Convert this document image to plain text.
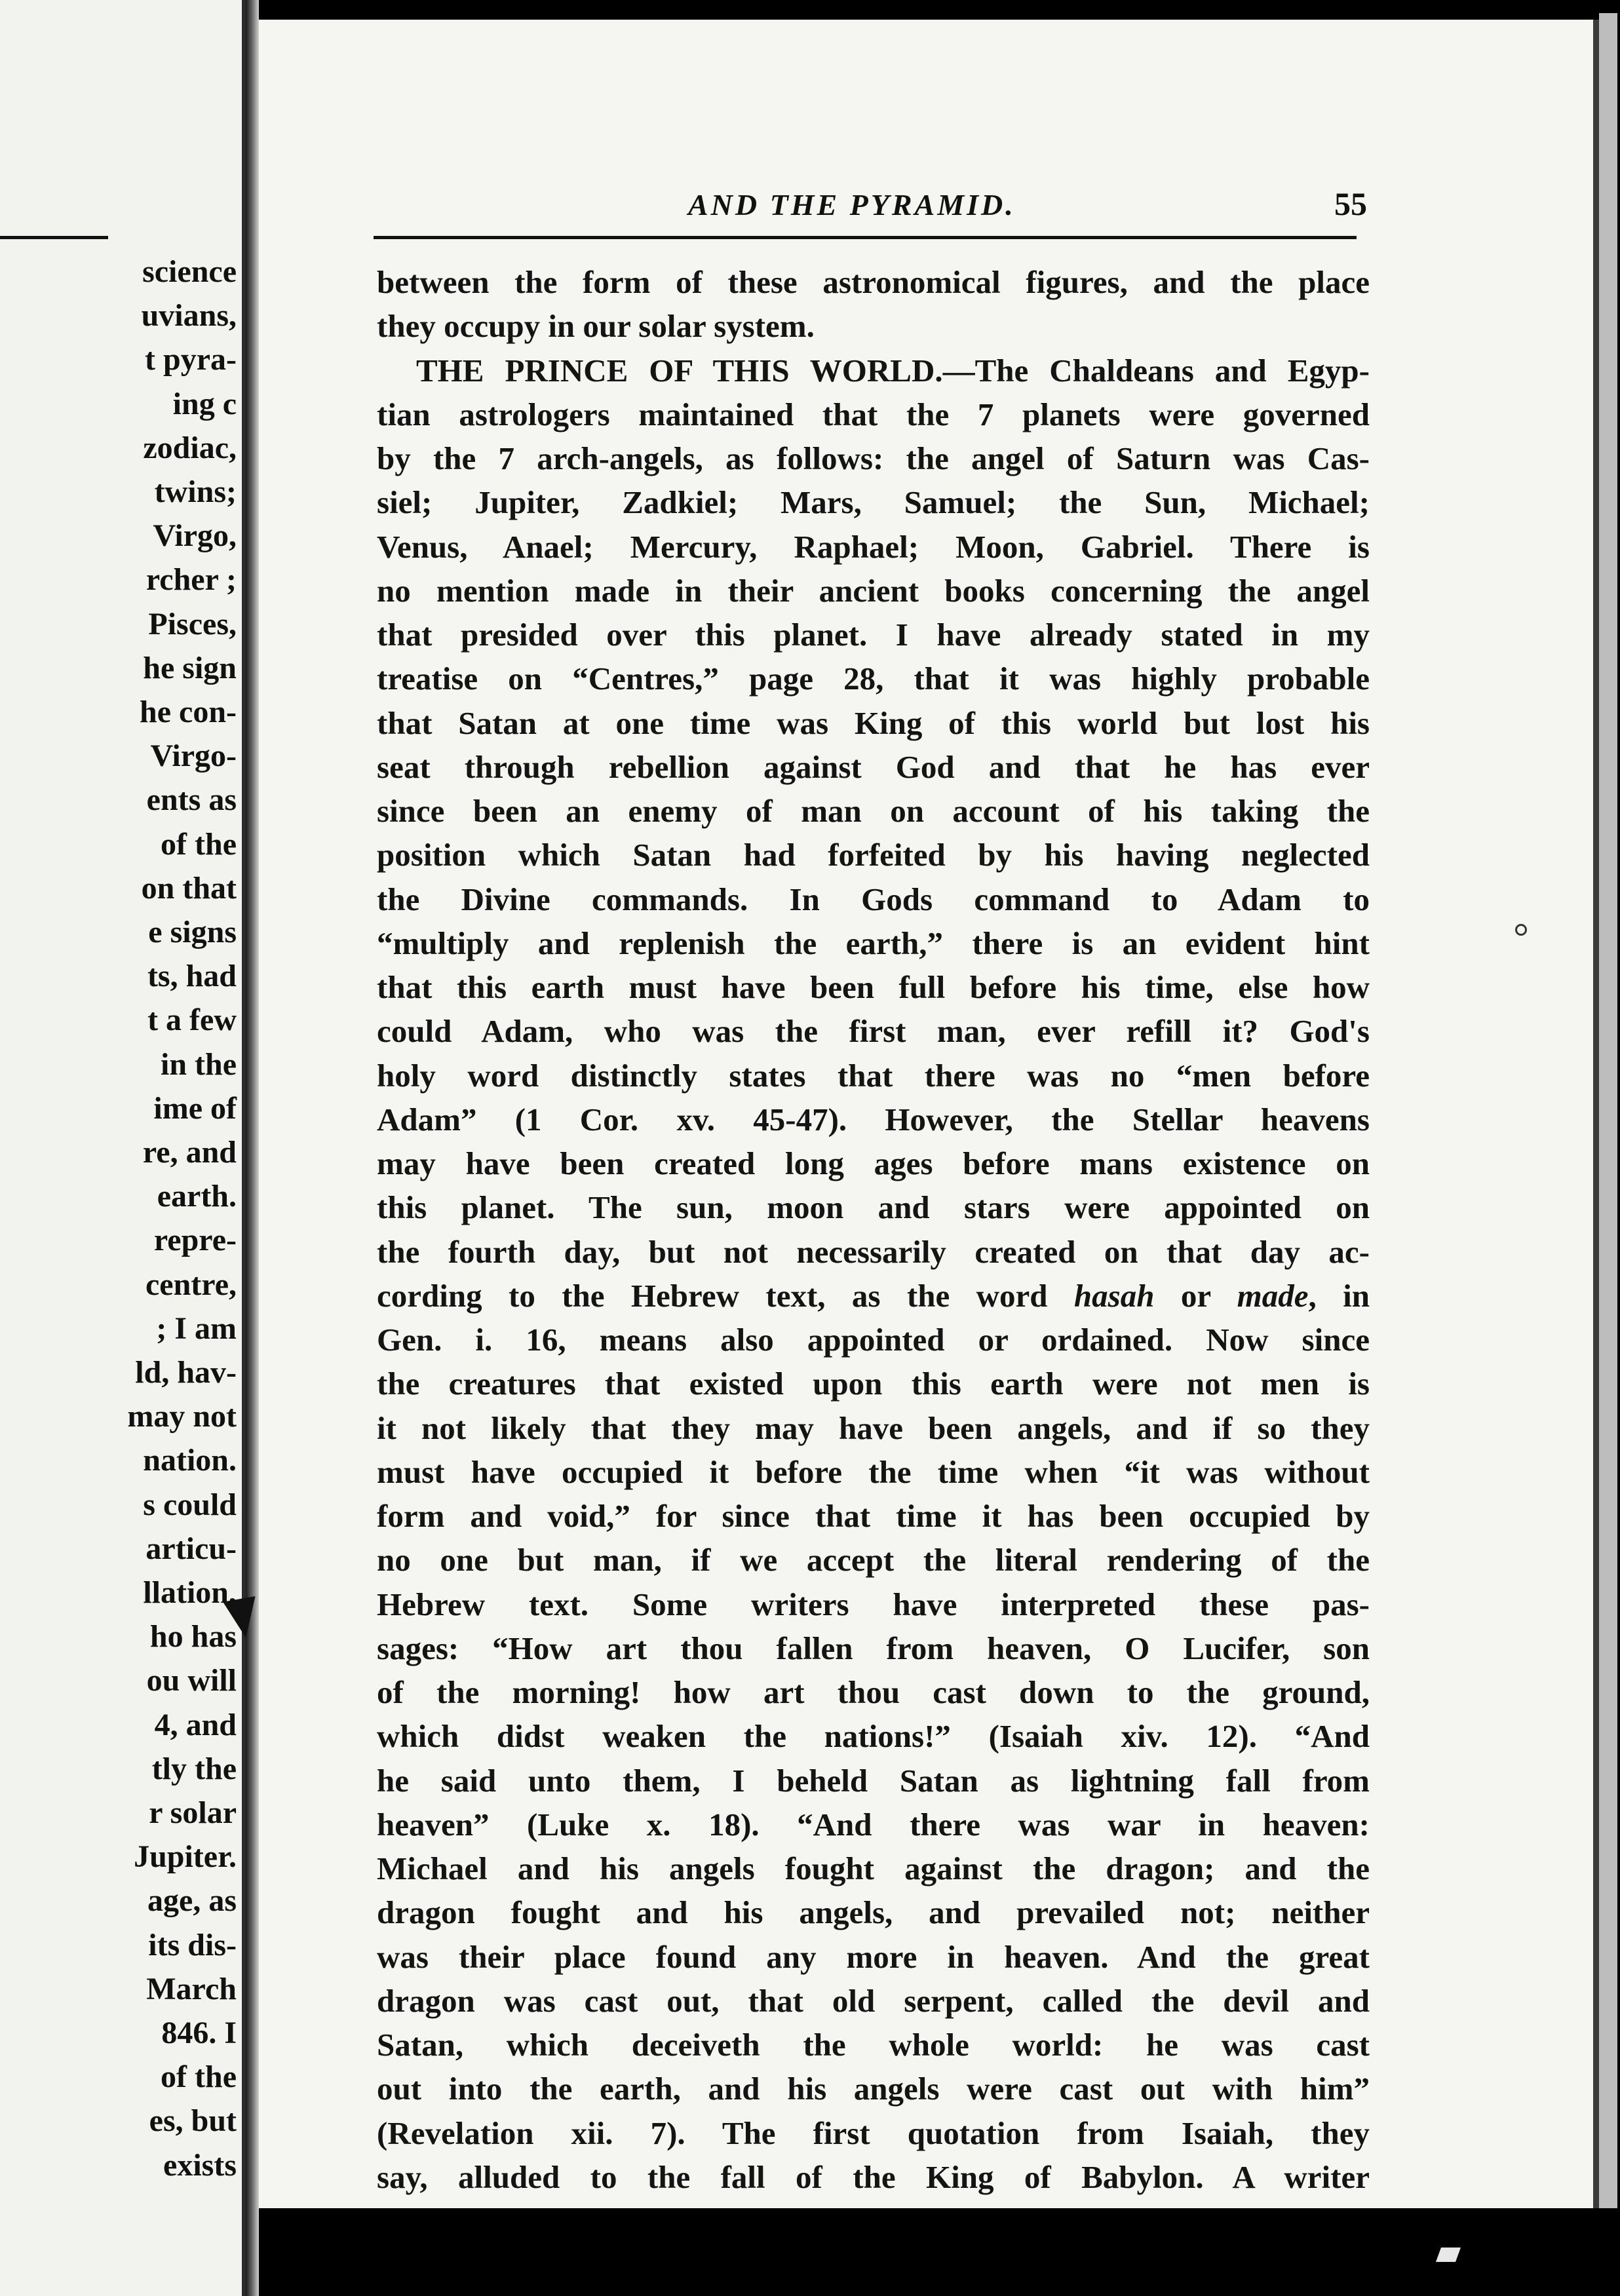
science
uvians,
t pyra-
ing c
zodiac,
twins;
Virgo,
rcher ;
Pisces,
he sign
he con-
Virgo-
ents as
of the
on that
e signs
ts, had
t a few
in the
ime of
re, and
earth.
repre-
centre,
; I am
ld, hav-
may not
nation.
s could
articu-
llation,
ho has
ou will
4, and
tly the
r solar
Jupiter.
age, as
its dis-
March
846. I
of the
es, but
exists
AND THE PYRAMID.	55
between the form of these astronomical figures, and the place
they occupy in our solar system.
THE PRINCE OF THIS WORLD.—The Chaldeans and Egyp-
tian astrologers maintained that the 7 planets were governed
by the 7 arch-angels, as follows: the angel of Saturn was Cas-
siel; Jupiter, Zadkiel; Mars, Samuel; the Sun, Michael;
Venus, Anael; Mercury, Raphael; Moon, Gabriel. There is
no mention made in their ancient books concerning the angel
that presided over this planet. I have already stated in my
treatise on “Centres,” page 28, that it was highly probable
that Satan at one time was King of this world but lost his
seat through rebellion against God and that he has ever
since been an enemy of man on account of his taking the
position which Satan had forfeited by his having neglected
the Divine commands. In Gods command to Adam to
“multiply and replenish the earth,” there is an evident hint
that this earth must have been full before his time, else how
could Adam, who was the first man, ever refill it? God's
holy word distinctly states that there was no “men before
Adam” (1 Cor. xv. 45-47). However, the Stellar heavens
may have been created long ages before mans existence on
this planet. The sun, moon and stars were appointed on
the fourth day, but not necessarily created on that day ac-
cording to the Hebrew text, as the word hasah or made, in
Gen. i. 16, means also appointed or ordained. Now since
the creatures that existed upon this earth were not men is
it not likely that they may have been angels, and if so they
must have occupied it before the time when “it was without
form and void,” for since that time it has been occupied by
no one but man, if we accept the literal rendering of the
Hebrew text. Some writers have interpreted these pas-
sages: “How art thou fallen from heaven, O Lucifer, son
of the morning! how art thou cast down to the ground,
which didst weaken the nations!” (Isaiah xiv. 12). “And
he said unto them, I beheld Satan as lightning fall from
heaven” (Luke x. 18). “And there was war in heaven:
Michael and his angels fought against the dragon; and the
dragon fought and his angels, and prevailed not; neither
was their place found any more in heaven. And the great
dragon was cast out, that old serpent, called the devil and
Satan, which deceiveth the whole world: he was cast
out into the earth, and his angels were cast out with him”
(Revelation xii. 7). The first quotation from Isaiah, they
say, alluded to the fall of the King of Babylon. A writer
